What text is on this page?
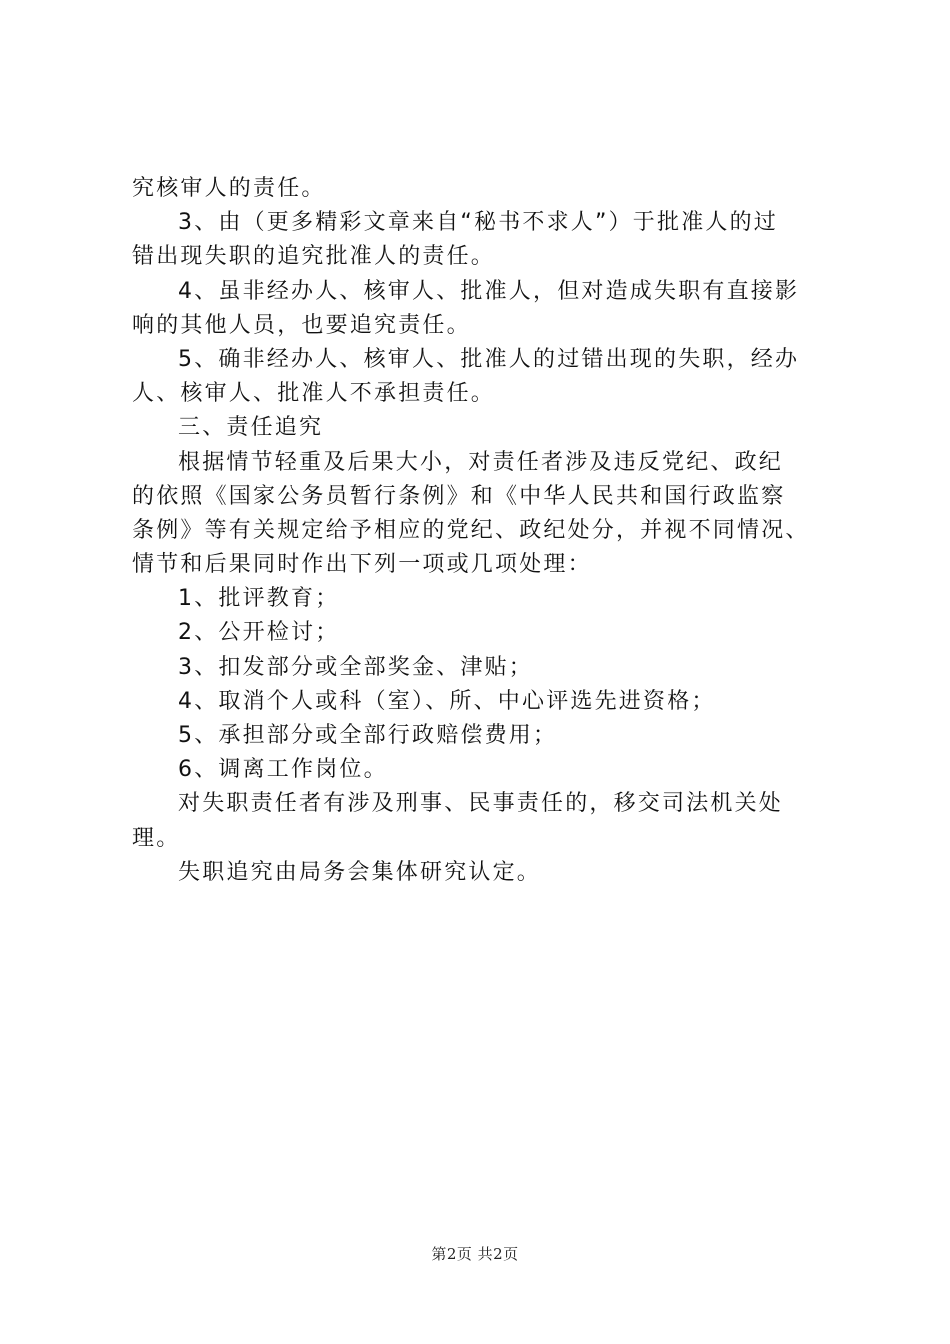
究核审人的责任。
3、由（更多精彩文章来自“秘书不求人”）于批准人的过
错出现失职的追究批准人的责任。
4、虽非经办人、核审人、批准人，但对造成失职有直接影
响的其他人员，也要追究责任。
5、确非经办人、核审人、批准人的过错出现的失职，经办
人、核审人、批准人不承担责任。
三、责任追究
根据情节轻重及后果大小，对责任者涉及违反党纪、政纪
的依照《国家公务员暂行条例》和《中华人民共和国行政监察
条例》等有关规定给予相应的党纪、政纪处分，并视不同情况、
情节和后果同时作出下列一项或几项处理：
1、批评教育；
2、公开检讨；
3、扣发部分或全部奖金、津贴；
4、取消个人或科（室）、所、中心评选先进资格；
5、承担部分或全部行政赔偿费用；
6、调离工作岗位。
对失职责任者有涉及刑事、民事责任的，移交司法机关处
理。
失职追究由局务会集体研究认定。
第2页 共2页
